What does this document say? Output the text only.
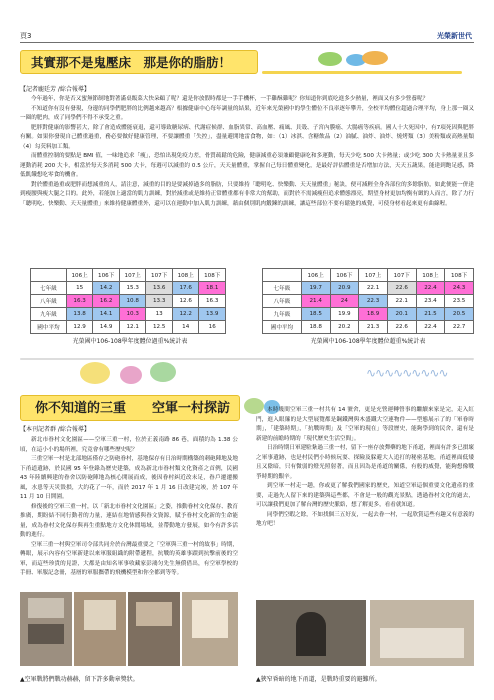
頁3	光榮新世代
其實那不是鬼壓床　那是你的脂肪！
【記者龐廷芳 /綜合報導】

今年過年，你是否又蜜無節制地對著滿桌飯菜大快朵頤了呢？還是你放假時都是一手手機杯，一手雞酥雞呢？你知道你到底吃進多少熱量，裡面又有多少營養呢？

不知道你有沒有發現，身邊的同學們肥胖的比例越來越高？根據健康中心每年調量的結果，近年來光榮國中的學生體位不良率逐年攀升，全校平均體位超過合理平均，身上那一圈又一圈的肥肉，成了同學們不得不承受之重。

肥胖對健康的影響甚大，除了會造成體能衰退，還可導致糖尿病、代謝症候群、血脂異常、高血壓、痛風、貝殼、子宮內膜癌、大腸癌等疾病。國人十大死因中，有7項死因與肥胖有關。如果你發現自己體重過重，務必要做好健康管理，不要讓體重「失控」，盡量避開地雷食物，如：（1）冰淇、含糖飲品（2）油膩、油炸、油炸、燒烤類（3）美粉類或高熱量類（4）勾芡料加工類。

而體重控制的要點是 BMI 值，一味地追求「瘦」，恐怕出現免疫力差，骨質疏鬆的危險，健康減重必須兼顧健康吃和多運動，每天少吃 500 大卡熱量；或少吃 300 大卡熱量並且多運動消耗 200 大卡，相當於每天多消耗 500 大卡，每週可以減重約 0.5 公斤，天天量體重，掌握自己每日體重變化，是最好評估體重是否增加方法，天天五蔬果，能達到飽足感，降低飢餓想吃零食的機會。

對於體重過重或肥胖而想減重的人，請注意，減重的目的是要減掉過多的脂肪，只要維持「聰明吃、快樂動、天天量體重」秘訣，便可減輕全身各部位的多餘脂肪，如此便能一併達到瘦腰與瘦大腿之目的。此外，若能加上適當的肌力訓練，對於減重或是維持正常體重都有非常大的幫助，而對於不需減瘦但追求體態漂亮，期望身材更加均衡有緻的人而言，除了力行「聰明吃、快樂動、天天量體重」來維持健康體重外，還可以在運動中加入肌力訓練，藉由個別肌肉鍛鍊的訓練，讓這些部位不要有鬆弛的威覺，可使身材看起來更有曲線喔。

	106上	106下	107上	107下	108上	108下
七年級	15	14.2	15.3	13.6	17.6	18.1
八年級	16.3	16.2	10.8	13.3	12.6	16.3
九年級	13.8	14.1	10.3	13	12.2	13.9
國中平均	12.9	14.9	12.1	12.5	14	16
光榮國中106-108學年度體位過重%統計表
	106上	106下	107上	107下	108上	108下
七年級	19.7	20.9	22.1	22.6	22.4	24.3
八年級	21.4	24	22.3	22.1	23.4	23.5
九年級	18.5	19.9	18.9	20.1	21.5	20.5
國中平均	18.8	20.2	21.3	22.6	22.4	22.7
光榮國中106-108學年度體位超重%統計表
∿∿∿∿∿∿∿∿∿
你不知道的三重　　空軍一村探訪
【本刊記者群 /綜合報導】

新北市眷村文化園區——空軍三重一村，位於正義南路 86 巷，面積約為 1.38 公頃，在這小小的場所裡，究竟會有哪些歷史呢？

三重空軍一村是北部地區僅存之防砲眷村，基地保存有日治時期構築的刺砲陣地及地下甬道遺跡，於民國 95 年登錄為歷史建築，成為新北市眷村類文化資產之首例，民國 43 年陸續興建的眷舍以防砲陣地為核心開展而成，後因眷村糾近改未足，眷戶遷遷搬風，水患等天災毀損，大約花了一年，而於 2017 年 1 月 16 日改建完竣，於 107 年 11 月 10 日開園。

修復後的空軍三重一村，以「新北市眷村文化園區」之姿，推動眷村文化保存、教育推廣，期盼結不同行動者的力量，連結在地情感與眷文資源，賦予眷村文化新的生命能量，成為眷村文化保存與再生重點地方文化休閒場域，並帶動地方發展，如今有許多活動的進行。

空軍三重一村與空軍司令部共同介於台灣最重要之「空軍與三重一村的故事」時期，轉眼，展示內容有空軍新建以來軍服組織的附帶遞程，抗戰的英雄事蹟到抗擊前後的空軍，而這些珍貴的見證，大都是由知名軍事收藏家彭鴻匀先生無償借出，有空軍學校的手冊、軍服記念冊，基層的軍服攜帶的飛機模型和你全都到等等。

本時幾間空軍三重一村共有 14 號舍，更是充營運轉營事的繼續來家是完，走入紅門，進入眼簾的是大型展覽都是鋼鐵灣與木盛鐵大空連物件——型態展示了的「軍眷時期」，「建築時期」，「抗戰時期」及「空軍的現在」等段歷史，能夠學到的民舍，還有是新建的前瞻時期的「現代歷史生活空間」。

日治時期日軍建駐紮過三重一村，留下一座存放彈藥的地下甬道，裡面有許多已損壞之軍事遺跡，也是村民們小時候玩耍、探險及躲避大人追打的秘密基地，甬道裡面低矮且又陰暗，只有微弱的燈光照射著，而且因為是甬道的關係，有般的威覺，能夠想像戰爭時期的艱辛。

到空軍一村走一趟，你或更了解我們國家的歷史，知道空軍這個重要文化遺產的重要，走過先人留下來的建築與這些都，不會是一般的觀光景點，透過眷村文化的過去，可以讓我們更加了解台灣的歷史脈絡，想了解更多，看看就知道。

同學們空暇之餘，不如找個三五好友，一起去眷一村，一起欣賞這些有趣又有意義的地方吧！

▲空軍戰將們戰功赫赫，留下許多動章獎狀。	▲狹窄昏暗的地下甬道，是戰時重要的避難所。
